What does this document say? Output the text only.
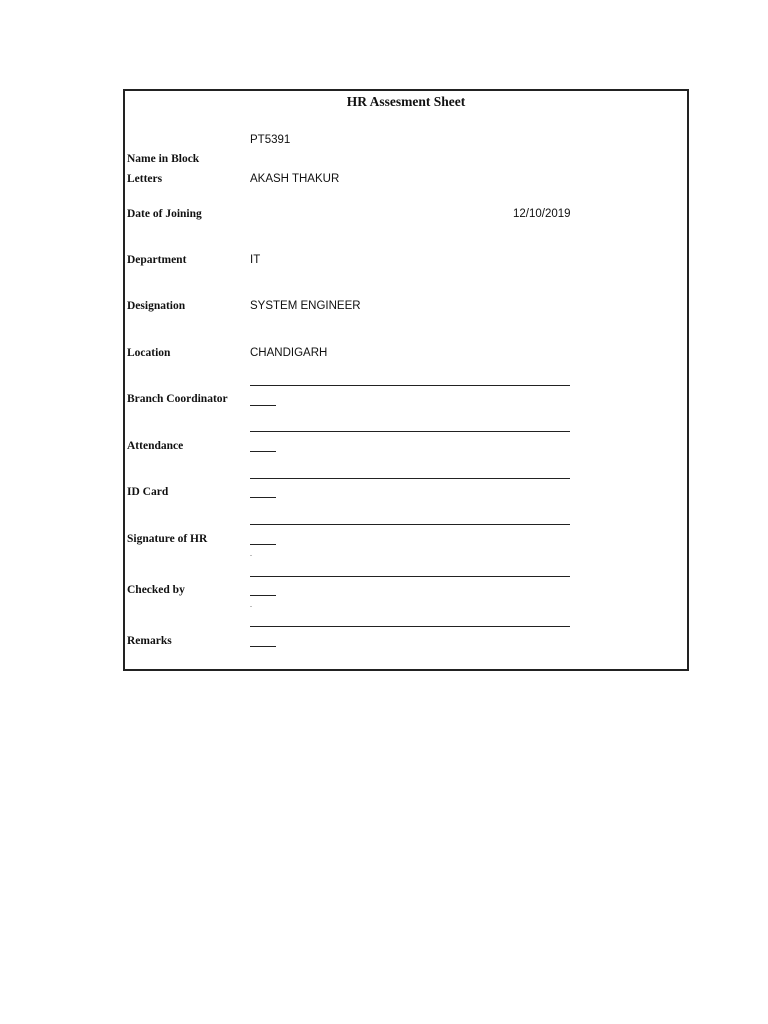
HR Assesment Sheet
PT5391
Name in Block
Letters	AKASH THAKUR
Date of Joining	12/10/2019
Department	IT
Designation	SYSTEM ENGINEER
Location	CHANDIGARH
Branch Coordinator
Attendance
ID Card
Signature of HR
.
Checked by
.
Remarks
